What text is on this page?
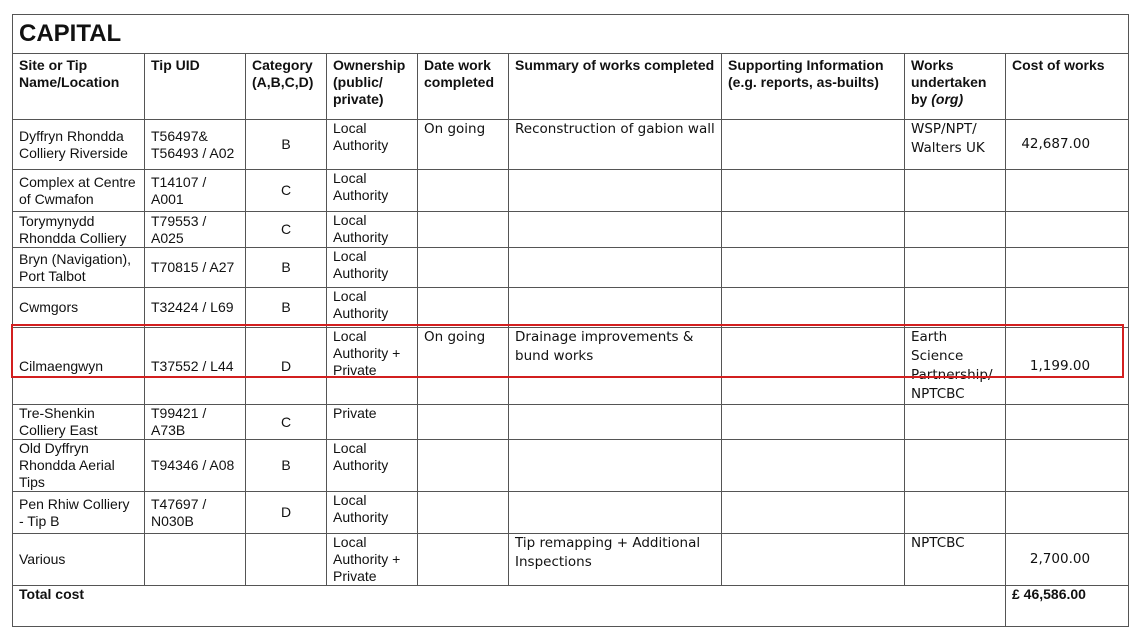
CAPITAL								
Site or Tip Name/Location	Tip UID	Category (A,B,C,D)	Ownership (public/ private)	Date work completed	Summary of works completed	Supporting Information (e.g. reports, as-builts)	Works undertaken by (org)	Cost of works
Dyffryn Rhondda Colliery Riverside	T56497& T56493 / A02	B	Local Authority	On going	Reconstruction of gabion wall		WSP/NPT/ Walters UK	42,687.00
Complex at Centre of Cwmafon	T14107 / A001	C	Local Authority					
Torymynydd Rhondda Colliery	T79553 / A025	C	Local Authority					
Bryn (Navigation), Port Talbot	T70815 / A27	B	Local Authority					
Cwmgors	T32424 / L69	B	Local Authority					
Cilmaengwyn	T37552 / L44	D	Local Authority + Private	On going	Drainage improvements & bund works		Earth Science Partnership/ NPTCBC	1,199.00
Tre-Shenkin Colliery East	T99421 / A73B	C	Private					
Old Dyffryn Rhondda Aerial Tips	T94346 / A08	B	Local Authority					
Pen Rhiw Colliery - Tip B	T47697 / N030B	D	Local Authority					
Various			Local Authority + Private		Tip remapping + Additional Inspections		NPTCBC	2,700.00
Total cost								£ 46,586.00
